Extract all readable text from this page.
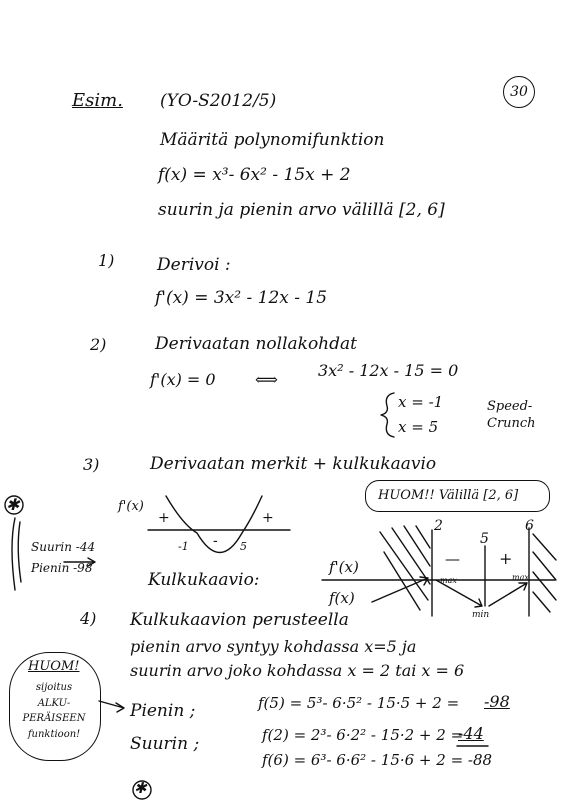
Esim. (YO-S2012/5)	30
Määritä polynomifunktion
f(x) = x³- 6x² - 15x + 2
suurin ja pienin arvo välillä [2, 6]
1)	Derivoi :
f'(x) = 3x² - 12x - 15
2)	Derivaatan nollakohdat
f'(x) = 0 ⟺	3x² - 12x - 15 = 0
x = -1
x = 5
Speed-
Crunch
3)	Derivaatan merkit + kulkukaavio
f'(x)
+
-
+
-1	5
Kulkukaavio:
HUOM!! Välillä [2, 6]
2
5
6
f'(x)
f(x)
— +
max	max
min
✱
Suurin -44
Pienin -98
4) Kulkukaavion perusteella
pienin arvo syntyy kohdassa x=5 ja
suurin arvo joko kohdassa x = 2 tai x = 6
Pienin ;	f(5) = 5³- 6·5² - 15·5 + 2 = -98
Suurin ;	f(2) = 2³- 6·2² - 15·2 + 2 =
-44
f(6) = 6³- 6·6² - 15·6 + 2 = -88
HUOM!
sijoitus ALKU-PERÄISEEN funktioon!
✱
